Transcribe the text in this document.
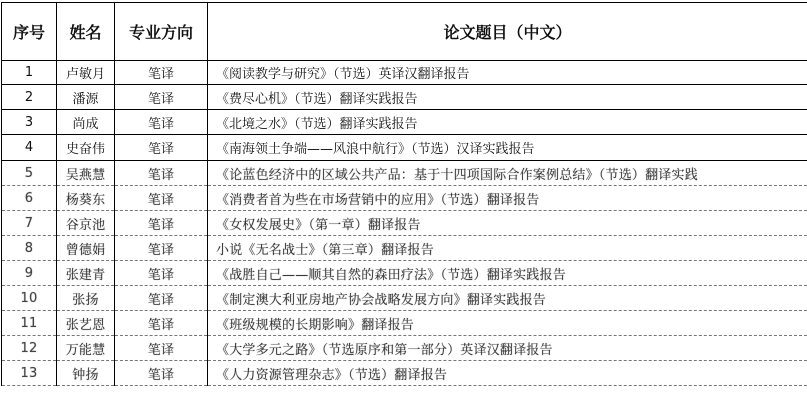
序号	姓名	专业方向	论文题目（中文）
1	卢敏月	笔译	《阅读教学与研究》（节选）英译汉翻译报告
2	潘源	笔译	《费尽心机》（节选）翻译实践报告
3	尚成	笔译	《北境之水》（节选）翻译实践报告
4	史奋伟	笔译	《南海领土争端——风浪中航行》（节选）汉译实践报告
5	吴燕慧	笔译	《论蓝色经济中的区域公共产品：基于十四项国际合作案例总结》（节选）翻译实践
6	杨葵东	笔译	《消费者首为些在市场营销中的应用》（节选）翻译报告
7	谷京池	笔译	《女权发展史》（第一章）翻译报告
8	曾德娟	笔译	小说《无名战士》（第三章）翻译报告
9	张建青	笔译	《战胜自己——顺其自然的森田疗法》（节选）翻译实践报告
10	张扬	笔译	《制定澳大利亚房地产协会战略发展方向》翻译实践报告
11	张艺恩	笔译	《班级规模的长期影响》翻译报告
12	万能慧	笔译	《大学多元之路》（节选原序和第一部分）英译汉翻译报告
13	钟扬	笔译	《人力资源管理杂志》（节选）翻译报告
